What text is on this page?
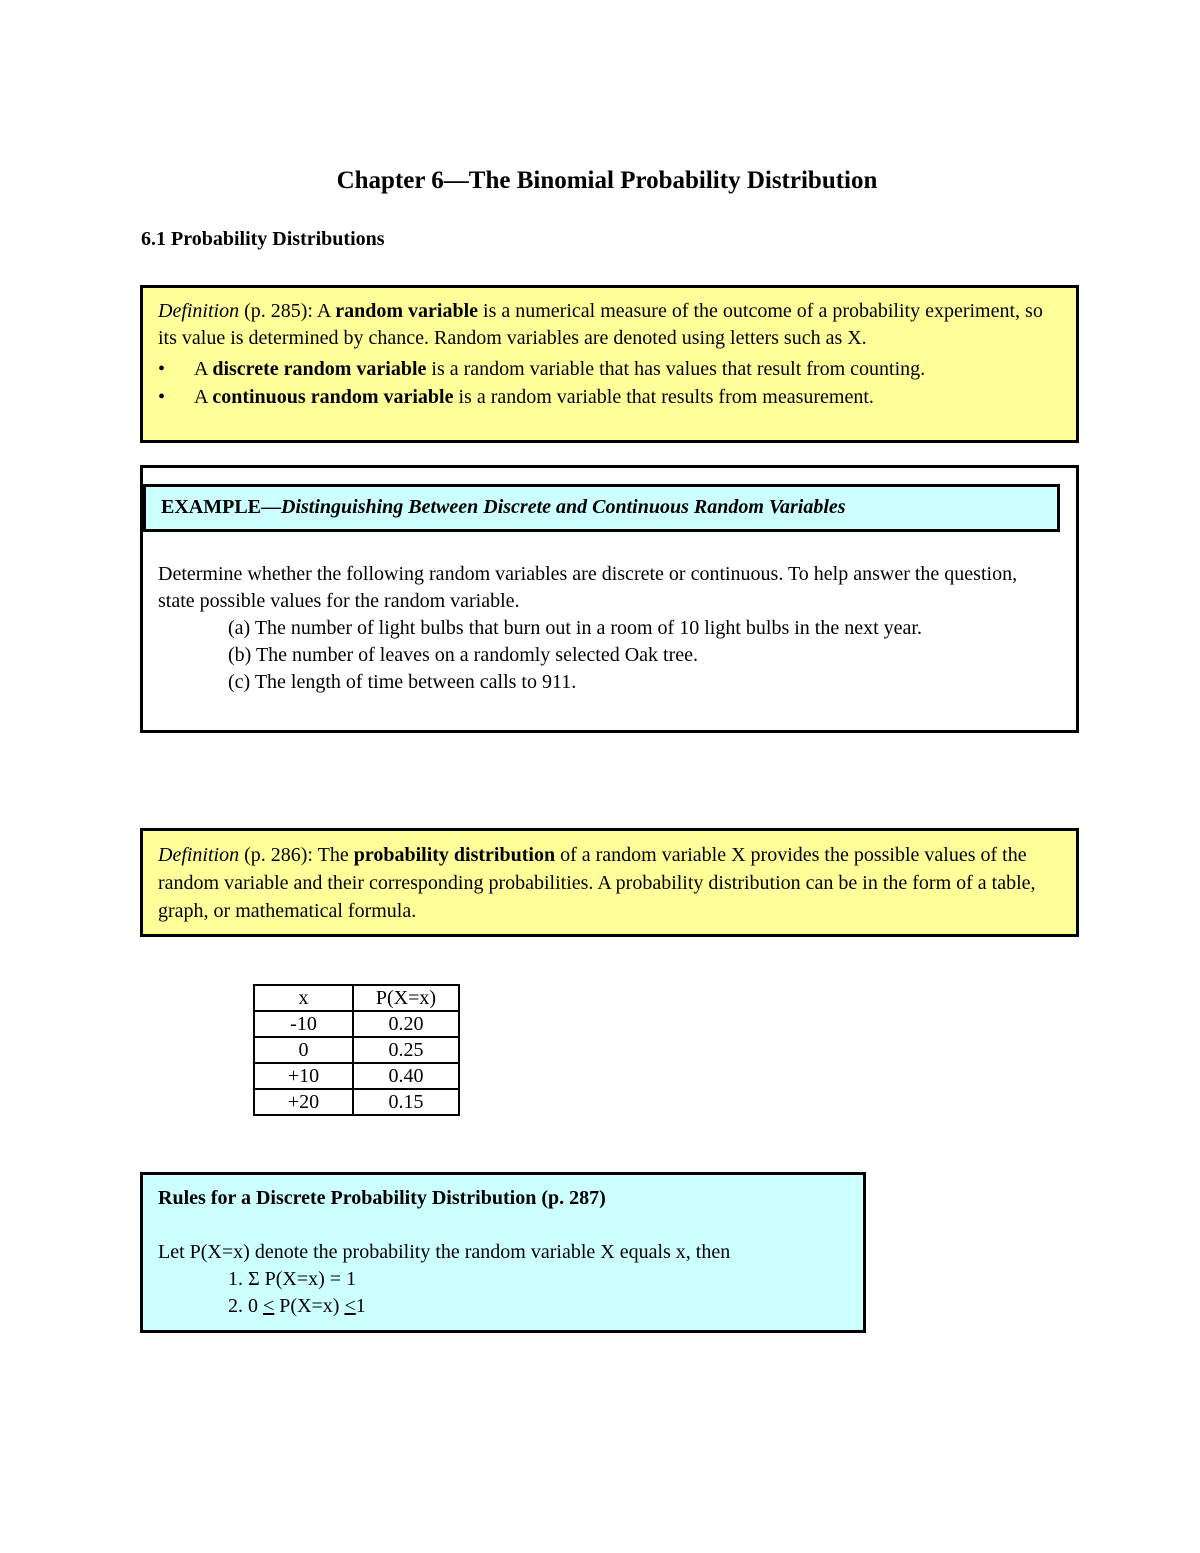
Chapter 6—The Binomial Probability Distribution
6.1 Probability Distributions
Definition (p. 285): A random variable is a numerical measure of the outcome of a probability experiment, so its value is determined by chance. Random variables are denoted using letters such as X.
• A discrete random variable is a random variable that has values that result from counting.
• A continuous random variable is a random variable that results from measurement.
EXAMPLE—Distinguishing Between Discrete and Continuous Random Variables
Determine whether the following random variables are discrete or continuous. To help answer the question, state possible values for the random variable.
(a) The number of light bulbs that burn out in a room of 10 light bulbs in the next year.
(b) The number of leaves on a randomly selected Oak tree.
(c) The length of time between calls to 911.
Definition (p. 286): The probability distribution of a random variable X provides the possible values of the random variable and their corresponding probabilities. A probability distribution can be in the form of a table, graph, or mathematical formula.
x	P(X=x)
-10	0.20
0	0.25
+10	0.40
+20	0.15
Rules for a Discrete Probability Distribution (p. 287)
Let P(X=x) denote the probability the random variable X equals x, then
1. Σ P(X=x) = 1
2. 0 ≤ P(X=x) ≤1
